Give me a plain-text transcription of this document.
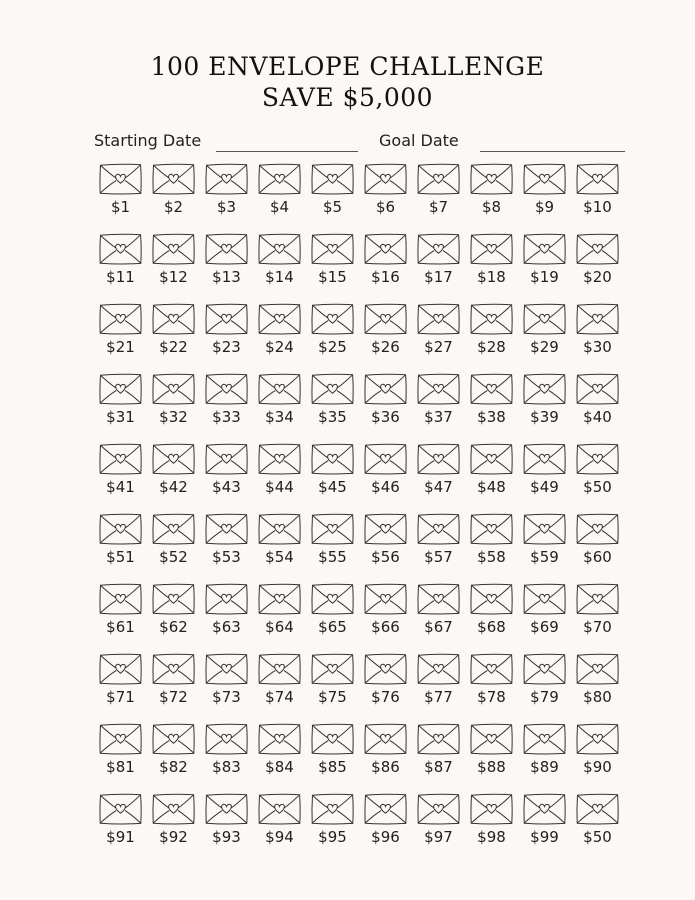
100 ENVELOPE CHALLENGE
SAVE $5,000
Starting Date	Goal Date
$1	$2	$3	$4	$5	$6	$7	$8	$9	$10
$11	$12	$13	$14	$15	$16	$17	$18	$19	$20
$21	$22	$23	$24	$25	$26	$27	$28	$29	$30
$31	$32	$33	$34	$35	$36	$37	$38	$39	$40
$41	$42	$43	$44	$45	$46	$47	$48	$49	$50
$51	$52	$53	$54	$55	$56	$57	$58	$59	$60
$61	$62	$63	$64	$65	$66	$67	$68	$69	$70
$71	$72	$73	$74	$75	$76	$77	$78	$79	$80
$81	$82	$83	$84	$85	$86	$87	$88	$89	$90
$91	$92	$93	$94	$95	$96	$97	$98	$99	$50
